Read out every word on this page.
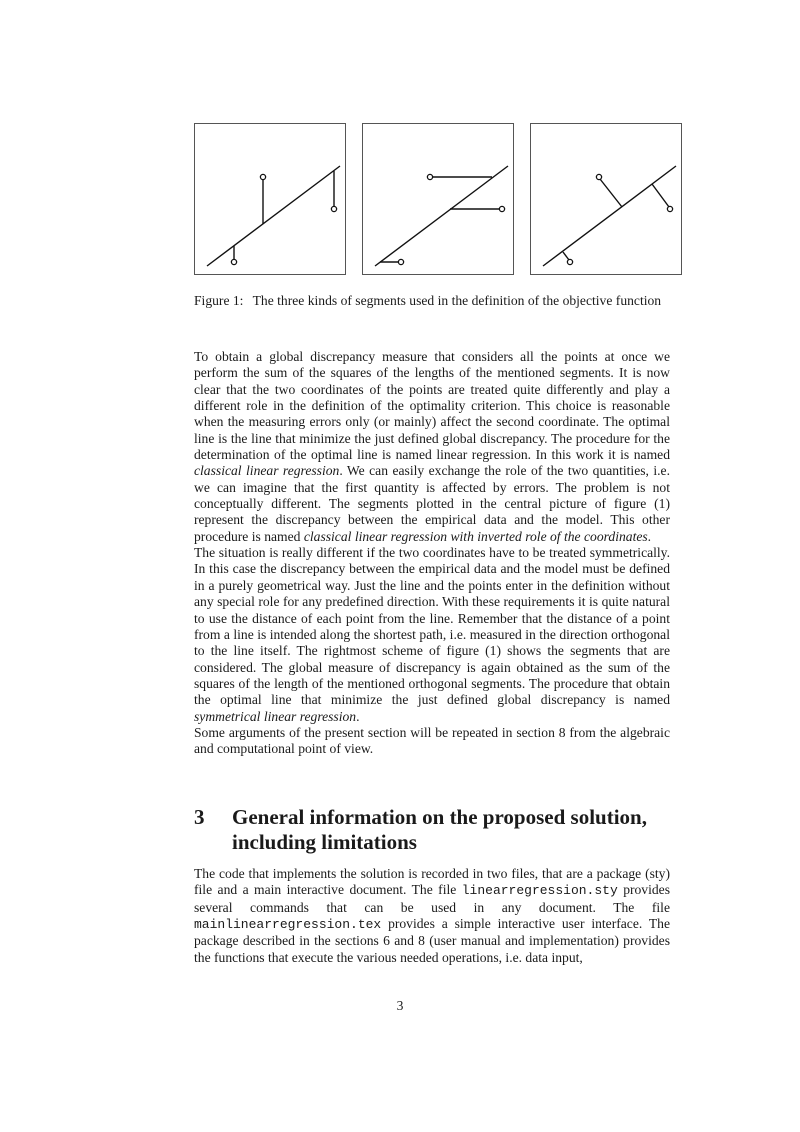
Figure 1: The three kinds of segments used in the definition of the objective function

To obtain a global discrepancy measure that considers all the points at once we perform the sum of the squares of the lengths of the mentioned segments. It is now clear that the two coordinates of the points are treated quite differently and play a different role in the definition of the optimality criterion. This choice is reasonable when the measuring errors only (or mainly) affect the second coordinate. The optimal line is the line that minimize the just defined global discrepancy. The procedure for the determination of the optimal line is named linear regression. In this work it is named classical linear regression. We can easily exchange the role of the two quantities, i.e. we can imagine that the first quantity is affected by errors. The problem is not conceptually different. The segments plotted in the central picture of figure (1) represent the discrepancy between the empirical data and the model. This other procedure is named classical linear regression with inverted role of the coordinates.

The situation is really different if the two coordinates have to be treated symmetrically. In this case the discrepancy between the empirical data and the model must be defined in a purely geometrical way. Just the line and the points enter in the definition without any special role for any predefined direction. With these requirements it is quite natural to use the distance of each point from the line. Remember that the distance of a point from a line is intended along the shortest path, i.e. measured in the direction orthogonal to the line itself. The rightmost scheme of figure (1) shows the segments that are considered. The global measure of discrepancy is again obtained as the sum of the squares of the length of the mentioned orthogonal segments. The procedure that obtain the optimal line that minimize the just defined global discrepancy is named symmetrical linear regression.

Some arguments of the present section will be repeated in section 8 from the algebraic and computational point of view.

3 General information on the proposed solution, including limitations

The code that implements the solution is recorded in two files, that are a package (sty) file and a main interactive document. The file linearregression.sty provides several commands that can be used in any document. The file mainlinearregression.tex provides a simple interactive user interface. The package described in the sections 6 and 8 (user manual and implementation) provides the functions that execute the various needed operations, i.e. data input,

3
